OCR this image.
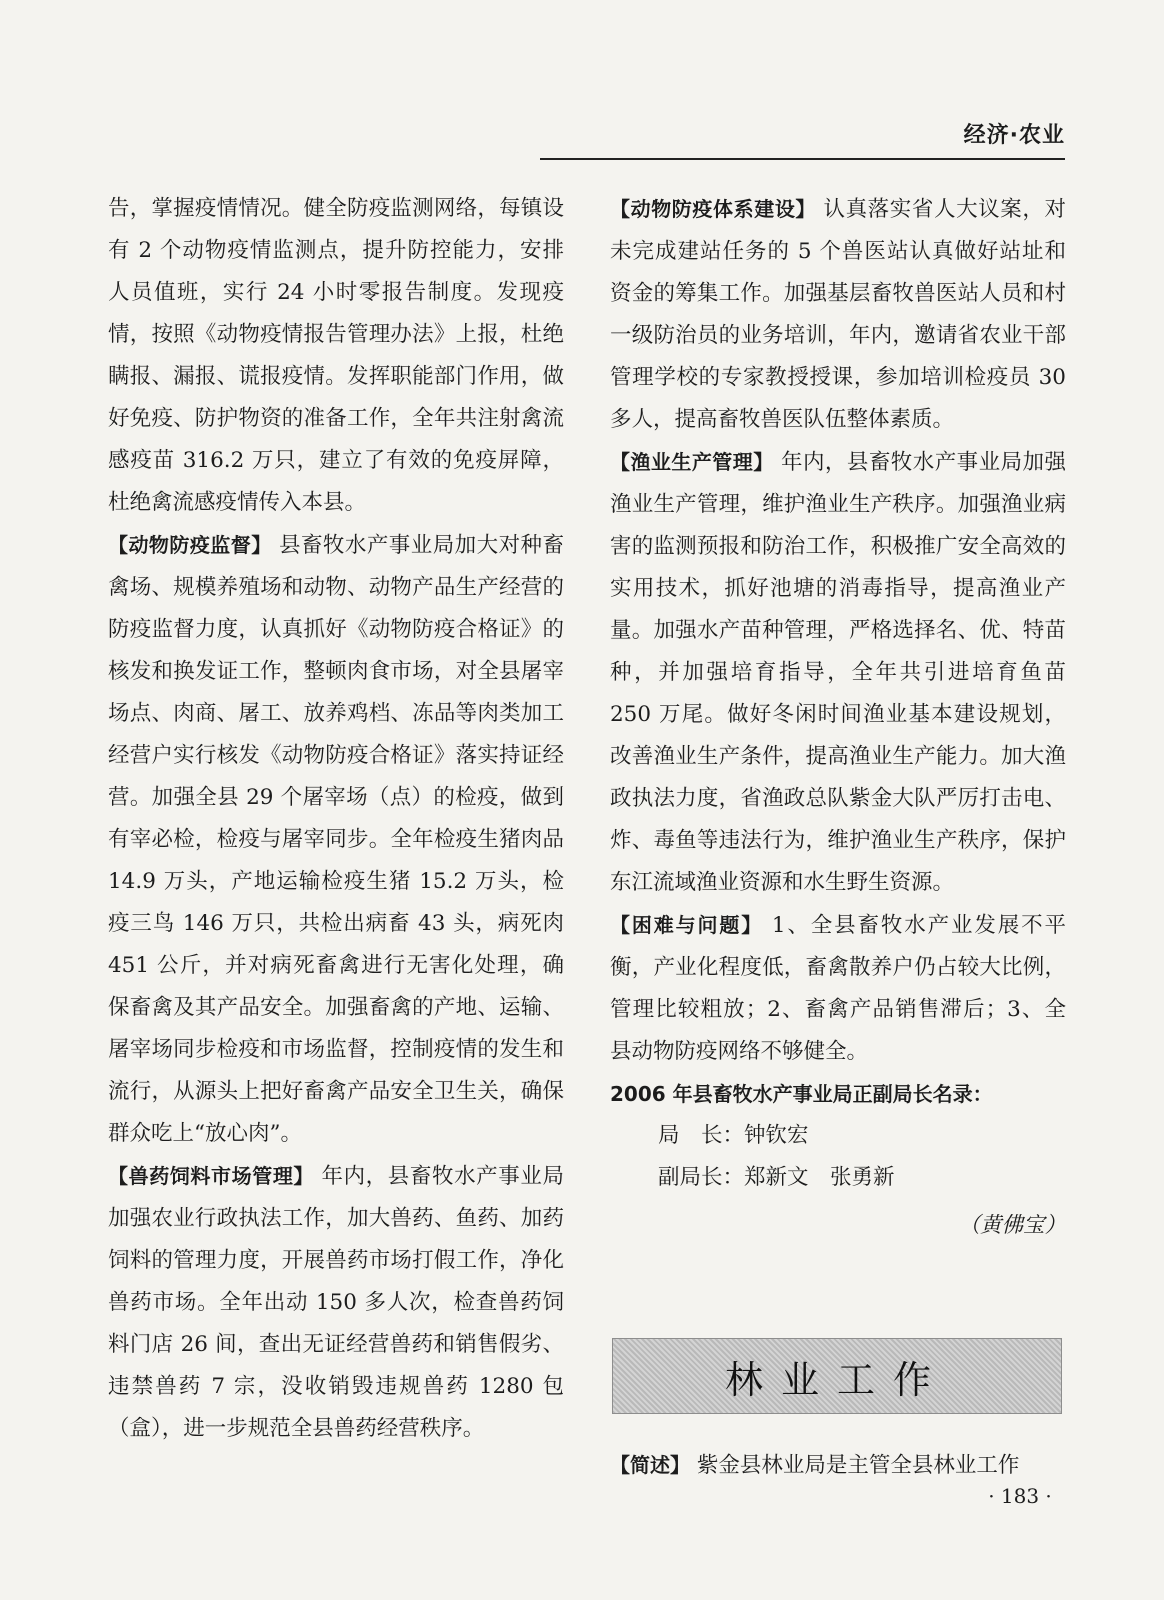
经济·农业

告，掌握疫情情况。健全防疫监测网络，每镇设有 2 个动物疫情监测点，提升防控能力，安排人员值班，实行 24 小时零报告制度。发现疫情，按照《动物疫情报告管理办法》上报，杜绝瞒报、漏报、谎报疫情。发挥职能部门作用，做好免疫、防护物资的准备工作，全年共注射禽流感疫苗 316.2 万只，建立了有效的免疫屏障，杜绝禽流感疫情传入本县。

【动物防疫监督】 县畜牧水产事业局加大对种畜禽场、规模养殖场和动物、动物产品生产经营的防疫监督力度，认真抓好《动物防疫合格证》的核发和换发证工作，整顿肉食市场，对全县屠宰场点、肉商、屠工、放养鸡档、冻品等肉类加工经营户实行核发《动物防疫合格证》落实持证经营。加强全县 29 个屠宰场（点）的检疫，做到有宰必检，检疫与屠宰同步。全年检疫生猪肉品 14.9 万头，产地运输检疫生猪 15.2 万头，检疫三鸟 146 万只，共检出病畜 43 头，病死肉 451 公斤，并对病死畜禽进行无害化处理，确保畜禽及其产品安全。加强畜禽的产地、运输、屠宰场同步检疫和市场监督，控制疫情的发生和流行，从源头上把好畜禽产品安全卫生关，确保群众吃上“放心肉”。

【兽药饲料市场管理】 年内，县畜牧水产事业局加强农业行政执法工作，加大兽药、鱼药、加药饲料的管理力度，开展兽药市场打假工作，净化兽药市场。全年出动 150 多人次，检查兽药饲料门店 26 间，查出无证经营兽药和销售假劣、违禁兽药 7 宗，没收销毁违规兽药 1280 包（盒），进一步规范全县兽药经营秩序。

【动物防疫体系建设】 认真落实省人大议案，对未完成建站任务的 5 个兽医站认真做好站址和资金的筹集工作。加强基层畜牧兽医站人员和村一级防治员的业务培训，年内，邀请省农业干部管理学校的专家教授授课，参加培训检疫员 30 多人，提高畜牧兽医队伍整体素质。

【渔业生产管理】 年内，县畜牧水产事业局加强渔业生产管理，维护渔业生产秩序。加强渔业病害的监测预报和防治工作，积极推广安全高效的实用技术，抓好池塘的消毒指导，提高渔业产量。加强水产苗种管理，严格选择名、优、特苗种，并加强培育指导，全年共引进培育鱼苗 250 万尾。做好冬闲时间渔业基本建设规划，改善渔业生产条件，提高渔业生产能力。加大渔政执法力度，省渔政总队紫金大队严厉打击电、炸、毒鱼等违法行为，维护渔业生产秩序，保护东江流域渔业资源和水生野生资源。

【困难与问题】 1、全县畜牧水产业发展不平衡，产业化程度低，畜禽散养户仍占较大比例，管理比较粗放；2、畜禽产品销售滞后；3、全县动物防疫网络不够健全。

2006 年县畜牧水产事业局正副局长名录：
局　长：钟钦宏
副局长：郑新文　张勇新
（黄佛宝）
林业工作
【简述】 紫金县林业局是主管全县林业工作
· 183 ·
